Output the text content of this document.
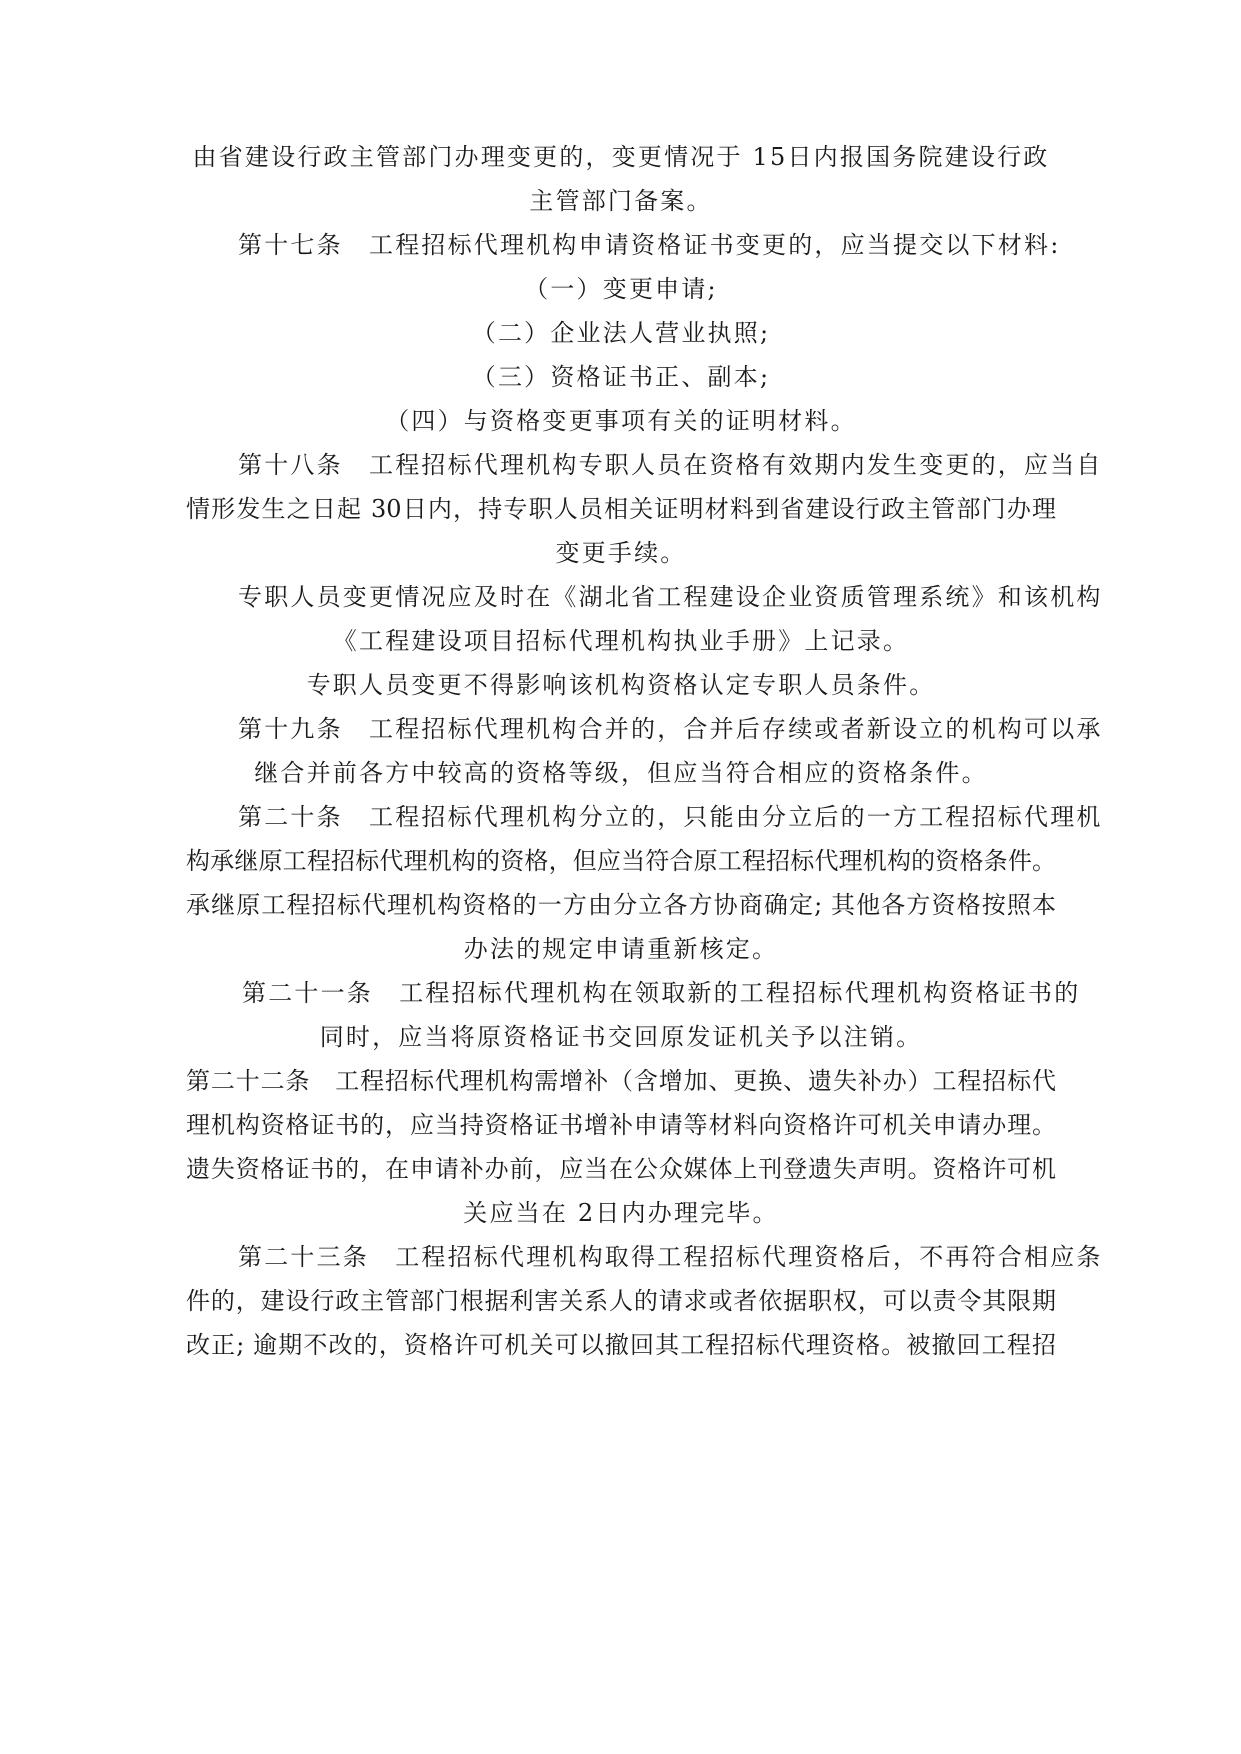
由省建设行政主管部门办理变更的，变更情况于 15日内报国务院建设行政
主管部门备案。
第十七条　工程招标代理机构申请资格证书变更的，应当提交以下材料:
（一）变更申请;
（二）企业法人营业执照;
（三）资格证书正、副本;
（四）与资格变更事项有关的证明材料。
第十八条　工程招标代理机构专职人员在资格有效期内发生变更的，应当自
情形发生之日起 30日内，持专职人员相关证明材料到省建设行政主管部门办理
变更手续。
专职人员变更情况应及时在《湖北省工程建设企业资质管理系统》和该机构
《工程建设项目招标代理机构执业手册》上记录。
专职人员变更不得影响该机构资格认定专职人员条件。
第十九条　工程招标代理机构合并的，合并后存续或者新设立的机构可以承
继合并前各方中较高的资格等级，但应当符合相应的资格条件。
第二十条　工程招标代理机构分立的，只能由分立后的一方工程招标代理机
构承继原工程招标代理机构的资格，但应当符合原工程招标代理机构的资格条件。
承继原工程招标代理机构资格的一方由分立各方协商确定; 其他各方资格按照本
办法的规定申请重新核定。
第二十一条　工程招标代理机构在领取新的工程招标代理机构资格证书的
同时，应当将原资格证书交回原发证机关予以注销。
第二十二条　工程招标代理机构需增补（含增加、更换、遗失补办）工程招标代
理机构资格证书的，应当持资格证书增补申请等材料向资格许可机关申请办理。
遗失资格证书的，在申请补办前，应当在公众媒体上刊登遗失声明。资格许可机
关应当在 2日内办理完毕。
第二十三条　工程招标代理机构取得工程招标代理资格后，不再符合相应条
件的，建设行政主管部门根据利害关系人的请求或者依据职权，可以责令其限期
改正; 逾期不改的，资格许可机关可以撤回其工程招标代理资格。被撤回工程招
